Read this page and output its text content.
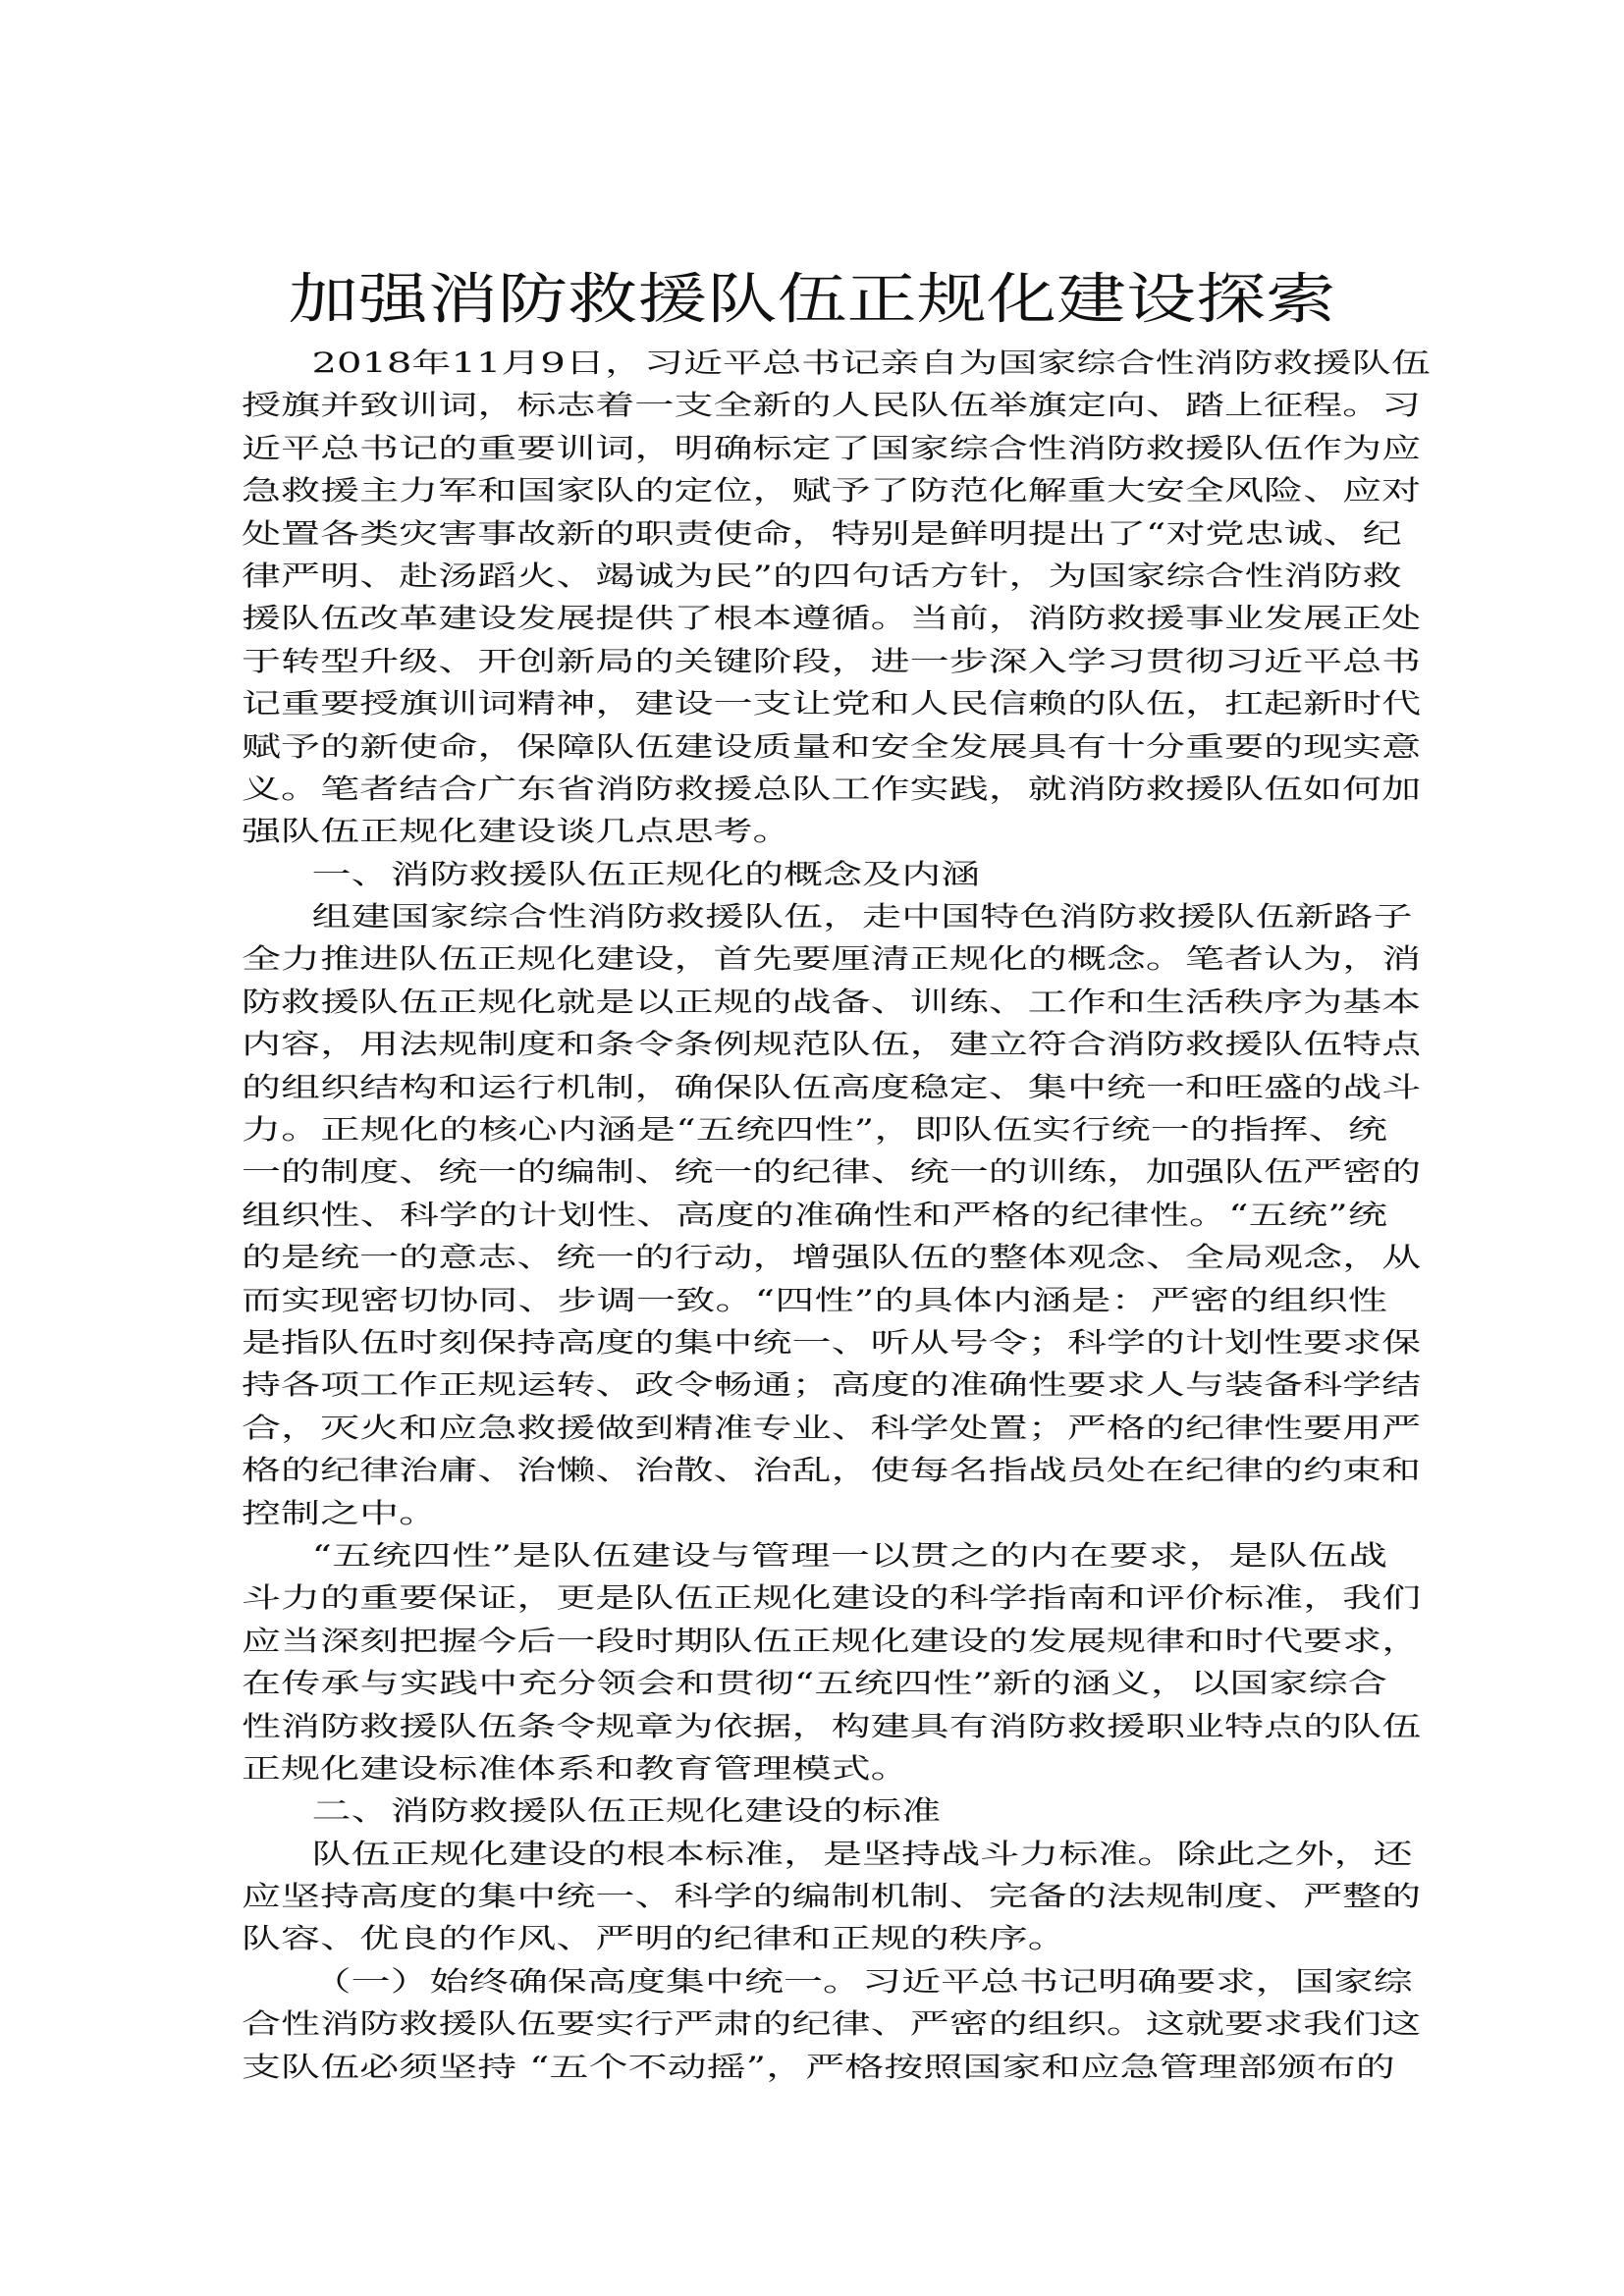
加强消防救援队伍正规化建设探索
2018年11月9日，习近平总书记亲自为国家综合性消防救援队伍
授旗并致训词，标志着一支全新的人民队伍举旗定向、踏上征程。习
近平总书记的重要训词，明确标定了国家综合性消防救援队伍作为应
急救援主力军和国家队的定位，赋予了防范化解重大安全风险、应对
处置各类灾害事故新的职责使命，特别是鲜明提出了“对党忠诚、纪
律严明、赴汤蹈火、竭诚为民”的四句话方针，为国家综合性消防救
援队伍改革建设发展提供了根本遵循。当前，消防救援事业发展正处
于转型升级、开创新局的关键阶段，进一步深入学习贯彻习近平总书
记重要授旗训词精神，建设一支让党和人民信赖的队伍，扛起新时代
赋予的新使命，保障队伍建设质量和安全发展具有十分重要的现实意
义。笔者结合广东省消防救援总队工作实践，就消防救援队伍如何加
强队伍正规化建设谈几点思考。
一、消防救援队伍正规化的概念及内涵
组建国家综合性消防救援队伍，走中国特色消防救援队伍新路子
全力推进队伍正规化建设，首先要厘清正规化的概念。笔者认为，消
防救援队伍正规化就是以正规的战备、训练、工作和生活秩序为基本
内容，用法规制度和条令条例规范队伍，建立符合消防救援队伍特点
的组织结构和运行机制，确保队伍高度稳定、集中统一和旺盛的战斗
力。正规化的核心内涵是“五统四性”，即队伍实行统一的指挥、统
一的制度、统一的编制、统一的纪律、统一的训练，加强队伍严密的
组织性、科学的计划性、高度的准确性和严格的纪律性。“五统”统
的是统一的意志、统一的行动，增强队伍的整体观念、全局观念，从
而实现密切协同、步调一致。“四性”的具体内涵是：严密的组织性
是指队伍时刻保持高度的集中统一、听从号令；科学的计划性要求保
持各项工作正规运转、政令畅通；高度的准确性要求人与装备科学结
合，灭火和应急救援做到精准专业、科学处置；严格的纪律性要用严
格的纪律治庸、治懒、治散、治乱，使每名指战员处在纪律的约束和
控制之中。
“五统四性”是队伍建设与管理一以贯之的内在要求，是队伍战
斗力的重要保证，更是队伍正规化建设的科学指南和评价标准，我们
应当深刻把握今后一段时期队伍正规化建设的发展规律和时代要求，
在传承与实践中充分领会和贯彻“五统四性”新的涵义，以国家综合
性消防救援队伍条令规章为依据，构建具有消防救援职业特点的队伍
正规化建设标准体系和教育管理模式。
二、消防救援队伍正规化建设的标准
队伍正规化建设的根本标准，是坚持战斗力标准。除此之外，还
应坚持高度的集中统一、科学的编制机制、完备的法规制度、严整的
队容、优良的作风、严明的纪律和正规的秩序。
（一）始终确保高度集中统一。习近平总书记明确要求，国家综
合性消防救援队伍要实行严肃的纪律、严密的组织。这就要求我们这
支队伍必须坚持 “五个不动摇”，严格按照国家和应急管理部颁布的
